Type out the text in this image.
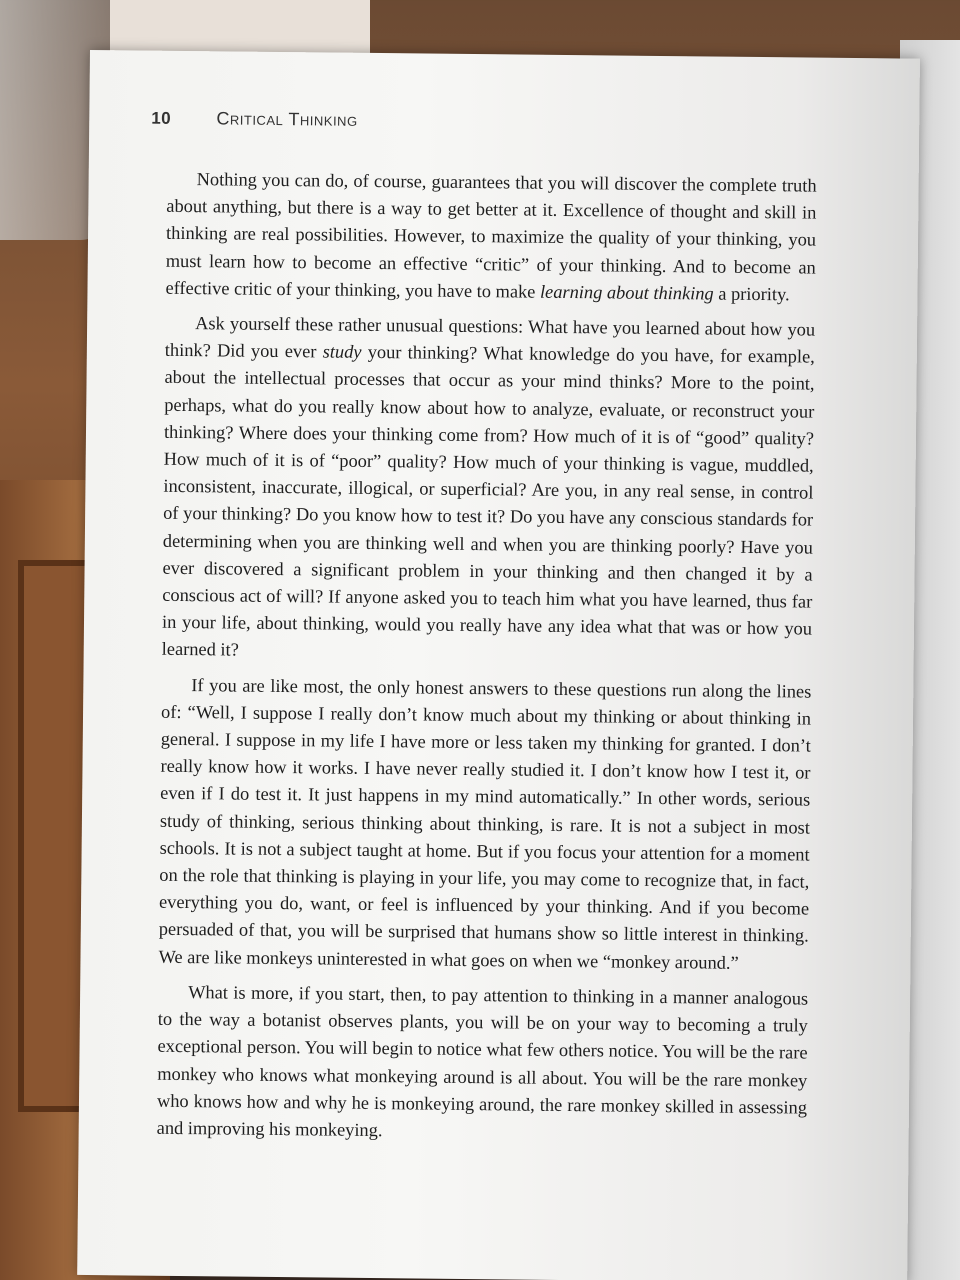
10	Critical Thinking

Nothing you can do, of course, guarantees that you will discover the complete truth about anything, but there is a way to get better at it. Excellence of thought and skill in thinking are real possibilities. However, to maximize the quality of your thinking, you must learn how to become an effective “critic” of your thinking. And to become an effective critic of your thinking, you have to make learning about thinking a priority.

Ask yourself these rather unusual questions: What have you learned about how you think? Did you ever study your thinking? What knowledge do you have, for example, about the intellectual processes that occur as your mind thinks? More to the point, perhaps, what do you really know about how to analyze, evaluate, or reconstruct your thinking? Where does your thinking come from? How much of it is of “good” quality? How much of it is of “poor” quality? How much of your thinking is vague, muddled, inconsistent, inaccurate, illogical, or superficial? Are you, in any real sense, in control of your thinking? Do you know how to test it? Do you have any conscious standards for determining when you are thinking well and when you are thinking poorly? Have you ever discovered a significant problem in your thinking and then changed it by a conscious act of will? If anyone asked you to teach him what you have learned, thus far in your life, about thinking, would you really have any idea what that was or how you learned it?

If you are like most, the only honest answers to these questions run along the lines of: “Well, I suppose I really don’t know much about my thinking or about thinking in general. I suppose in my life I have more or less taken my thinking for granted. I don’t really know how it works. I have never really studied it. I don’t know how I test it, or even if I do test it. It just happens in my mind automatically.” In other words, serious study of thinking, serious thinking about thinking, is rare. It is not a subject in most schools. It is not a subject taught at home. But if you focus your attention for a moment on the role that thinking is playing in your life, you may come to recognize that, in fact, everything you do, want, or feel is influenced by your thinking. And if you become persuaded of that, you will be surprised that humans show so little interest in thinking. We are like monkeys uninterested in what goes on when we “monkey around.”

What is more, if you start, then, to pay attention to thinking in a manner analogous to the way a botanist observes plants, you will be on your way to becoming a truly exceptional person. You will begin to notice what few others notice. You will be the rare monkey who knows what monkeying around is all about. You will be the rare monkey who knows how and why he is monkeying around, the rare monkey skilled in assessing and improving his monkeying.
